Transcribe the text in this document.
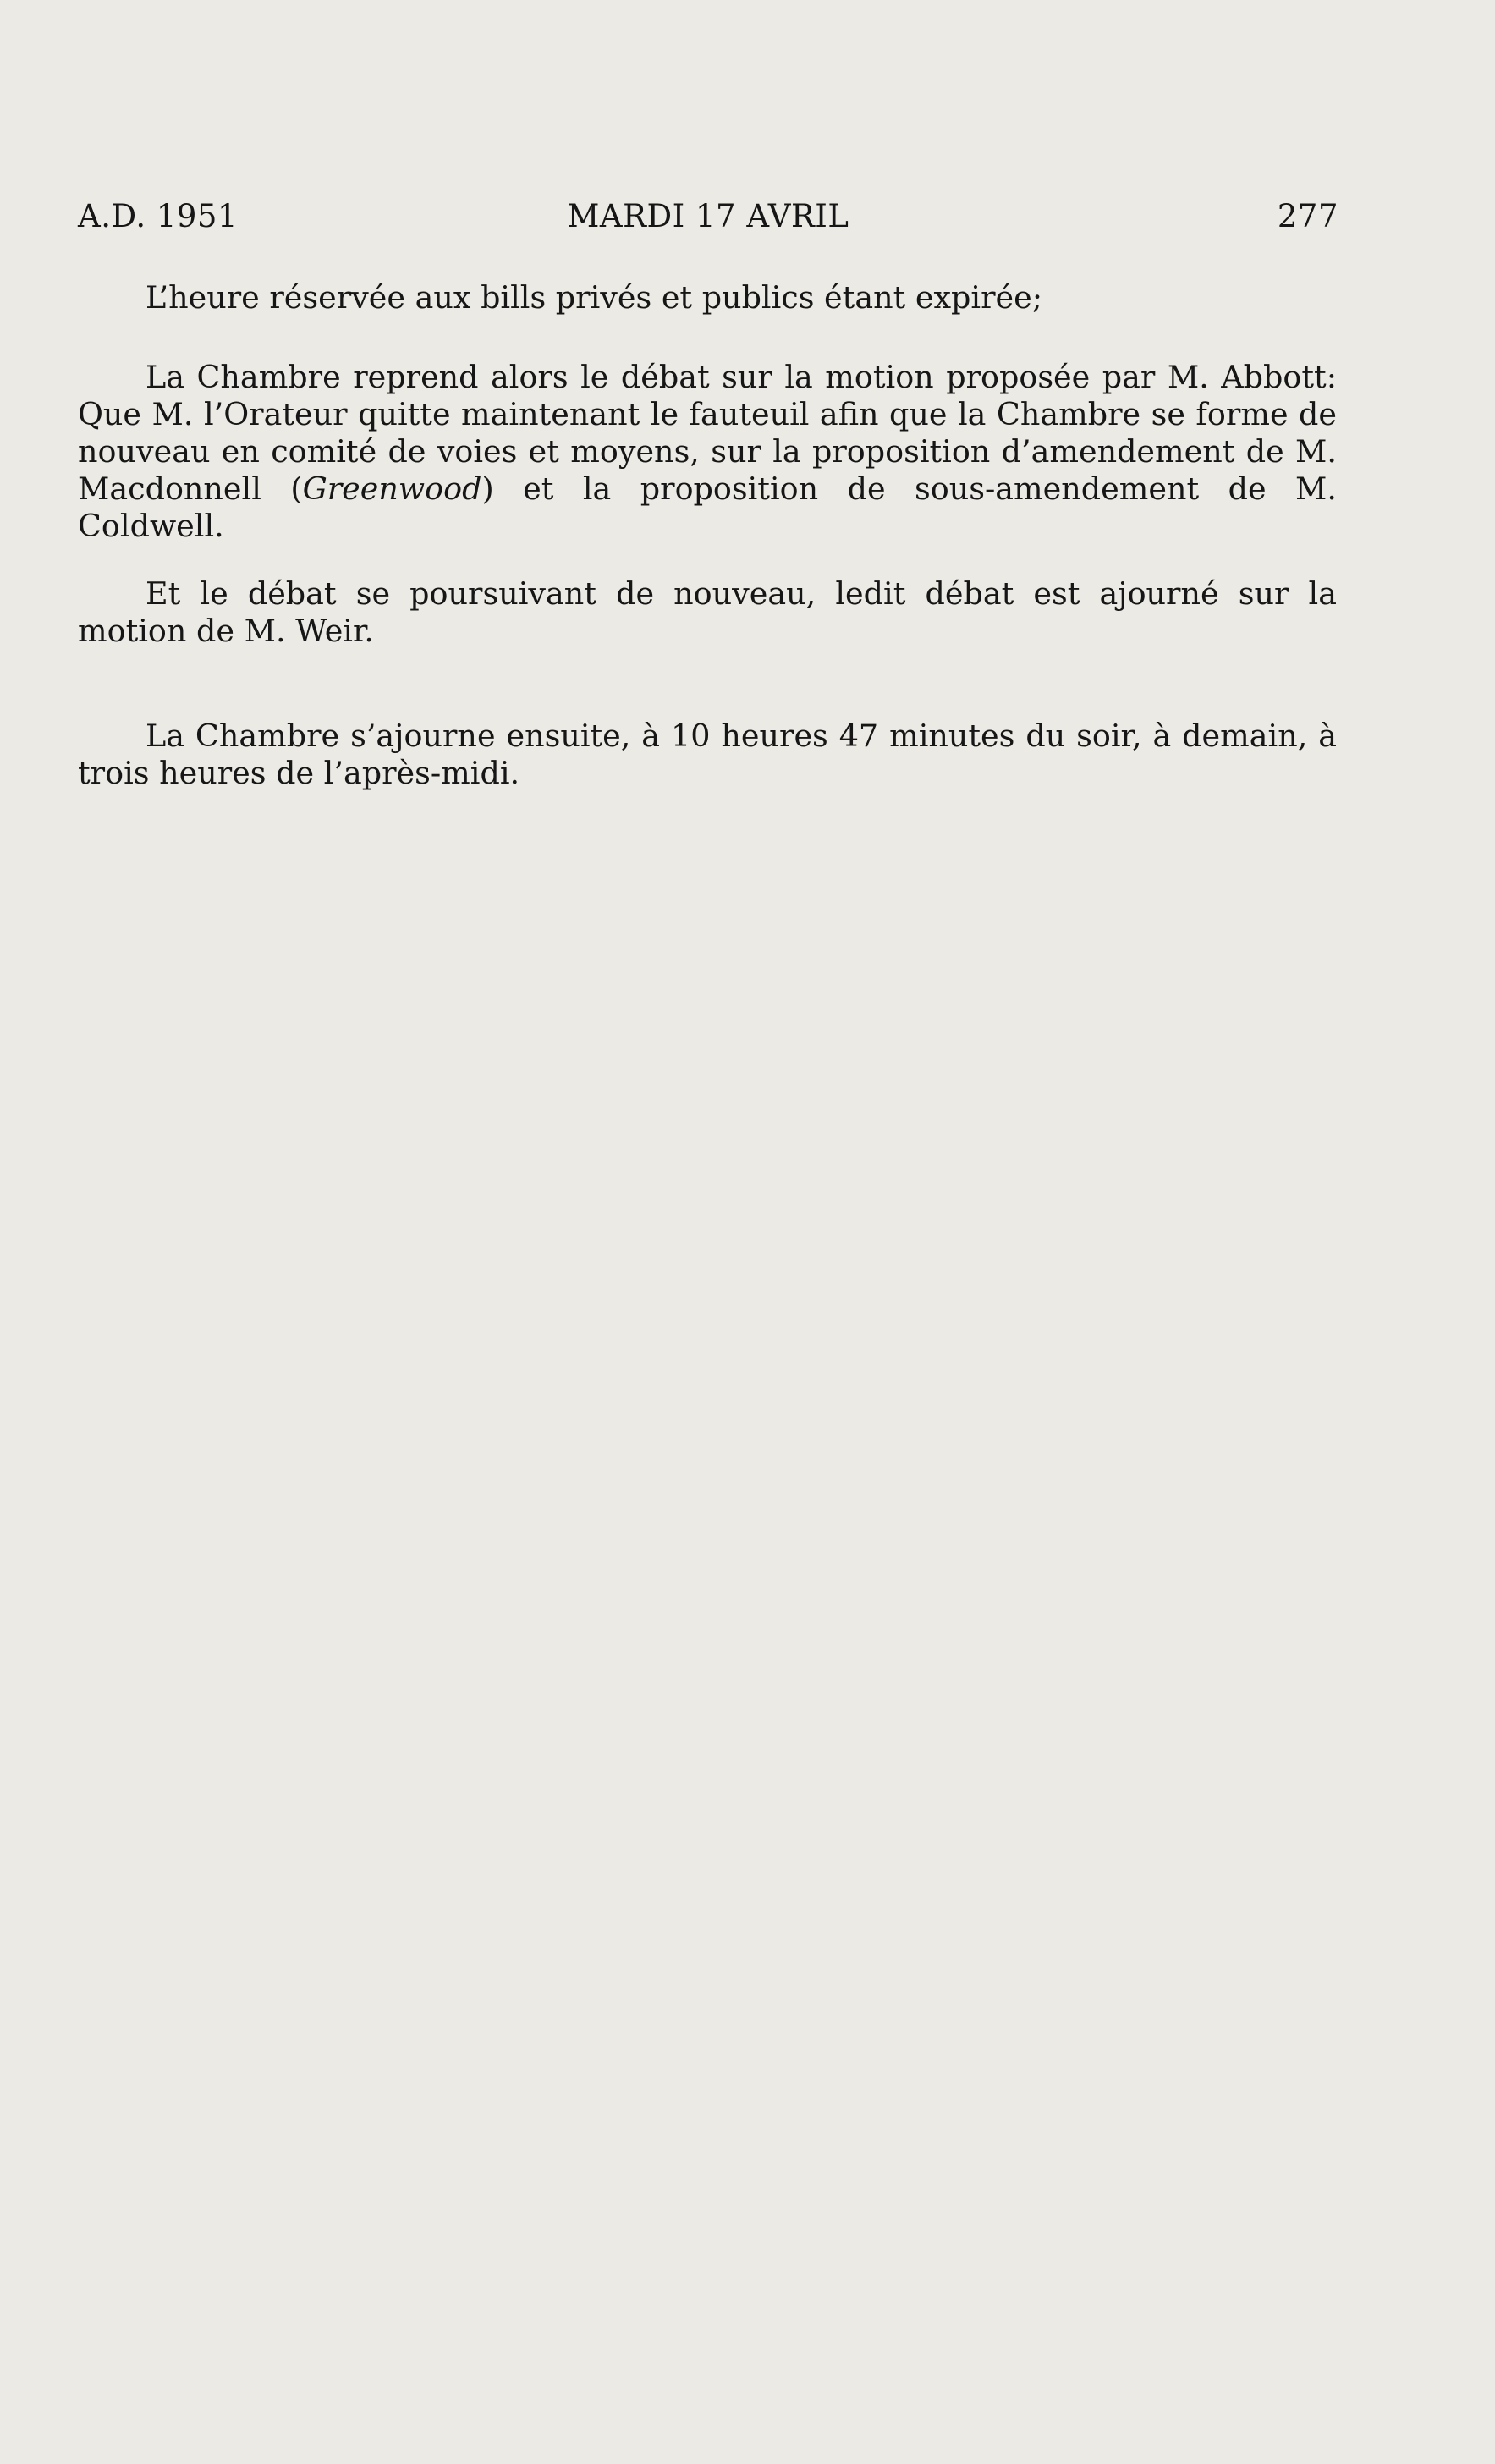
A.D. 1951	MARDI 17 AVRIL	277

L’heure réservée aux bills privés et publics étant expirée;

La Chambre reprend alors le débat sur la motion proposée par M. Abbott: Que M. l’Orateur quitte maintenant le fauteuil afin que la Chambre se forme de nouveau en comité de voies et moyens, sur la proposition d’amendement de M. Macdonnell (Greenwood) et la proposition de sous-amendement de M. Coldwell.

Et le débat se poursuivant de nouveau, ledit débat est ajourné sur la motion de M. Weir.

La Chambre s’ajourne ensuite, à 10 heures 47 minutes du soir, à demain, à trois heures de l’après-midi.
